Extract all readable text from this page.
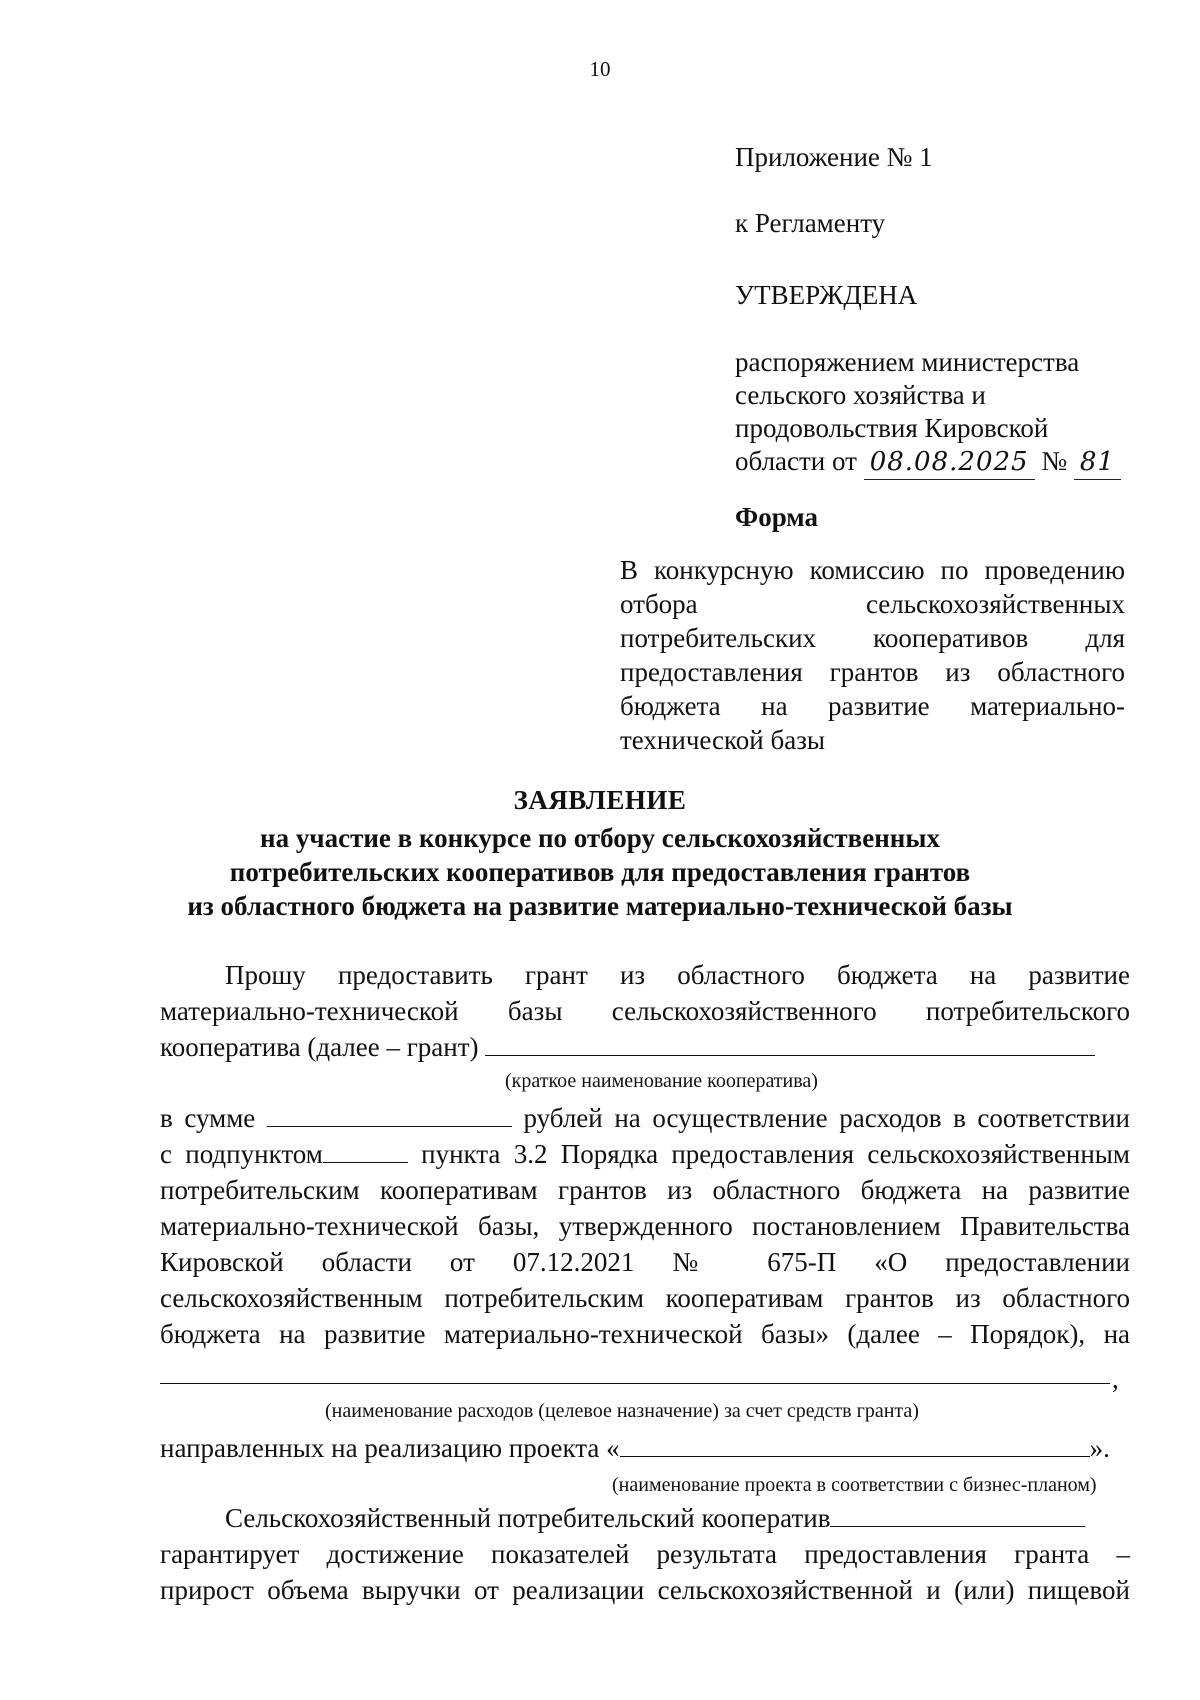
10
Приложение № 1
к Регламенту
УТВЕРЖДЕНА
распоряжением министерства
сельского хозяйства и
продовольствия Кировской
области от 08.08.2025 № 81
Форма
В конкурсную комиссию по проведению
отбора сельскохозяйственных
потребительских кооперативов для
предоставления грантов из областного
бюджета на развитие материально-
технической базы
ЗАЯВЛЕНИЕ
на участие в конкурсе по отбору сельскохозяйственных
потребительских кооперативов для предоставления грантов
из областного бюджета на развитие материально-технической базы
Прошу предоставить грант из областного бюджета на развитие
материально-технической базы сельскохозяйственного потребительского
кооператива (далее – грант)
(краткое наименование кооператива)
в сумме	рублей на осуществление расходов в соответствии
с подпунктом	пункта 3.2 Порядка предоставления сельскохозяйственным
потребительским кооперативам грантов из областного бюджета на развитие
материально-технической базы, утвержденного постановлением Правительства
Кировской области от 07.12.2021 № 675-П «О предоставлении
сельскохозяйственным потребительским кооперативам грантов из областного
бюджета на развитие материально-технической базы» (далее – Порядок), на
,
(наименование расходов (целевое назначение) за счет средств гранта)
направленных на реализацию проекта «	».
(наименование проекта в соответствии с бизнес-планом)
Сельскохозяйственный потребительский кооператив
гарантирует достижение показателей результата предоставления гранта –
прирост объема выручки от реализации сельскохозяйственной и (или) пищевой
